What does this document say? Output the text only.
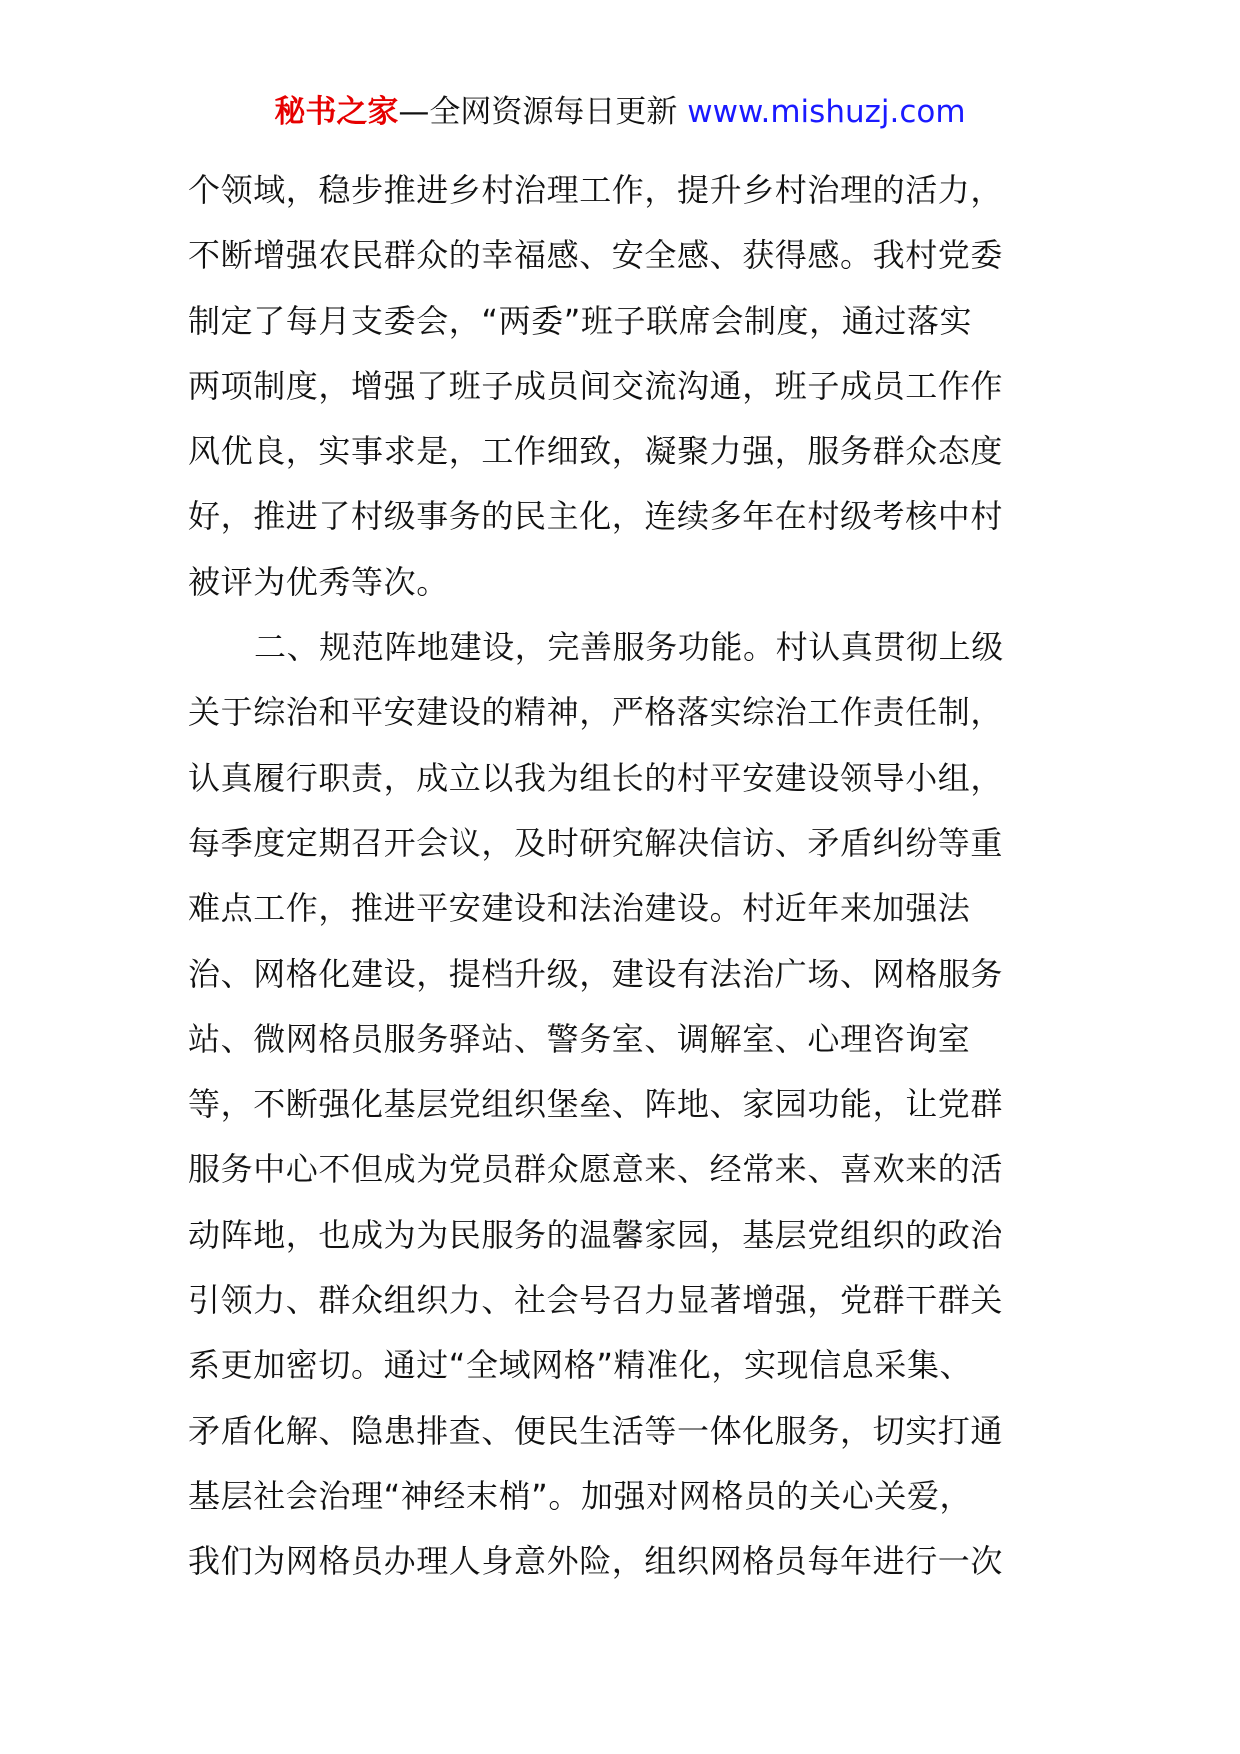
秘书之家—全网资源每日更新 www.mishuzj.com
个领域，稳步推进乡村治理工作，提升乡村治理的活力，
不断增强农民群众的幸福感、安全感、获得感。我村党委
制定了每月支委会，“两委”班子联席会制度，通过落实
两项制度，增强了班子成员间交流沟通，班子成员工作作
风优良，实事求是，工作细致，凝聚力强，服务群众态度
好，推进了村级事务的民主化，连续多年在村级考核中村
被评为优秀等次。
二、规范阵地建设，完善服务功能。村认真贯彻上级
关于综治和平安建设的精神，严格落实综治工作责任制，
认真履行职责，成立以我为组长的村平安建设领导小组，
每季度定期召开会议，及时研究解决信访、矛盾纠纷等重
难点工作，推进平安建设和法治建设。村近年来加强法
治、网格化建设，提档升级，建设有法治广场、网格服务
站、微网格员服务驿站、警务室、调解室、心理咨询室
等，不断强化基层党组织堡垒、阵地、家园功能，让党群
服务中心不但成为党员群众愿意来、经常来、喜欢来的活
动阵地，也成为为民服务的温馨家园，基层党组织的政治
引领力、群众组织力、社会号召力显著增强，党群干群关
系更加密切。通过“全域网格”精准化，实现信息采集、
矛盾化解、隐患排查、便民生活等一体化服务，切实打通
基层社会治理“神经末梢”。加强对网格员的关心关爱，
我们为网格员办理人身意外险，组织网格员每年进行一次
